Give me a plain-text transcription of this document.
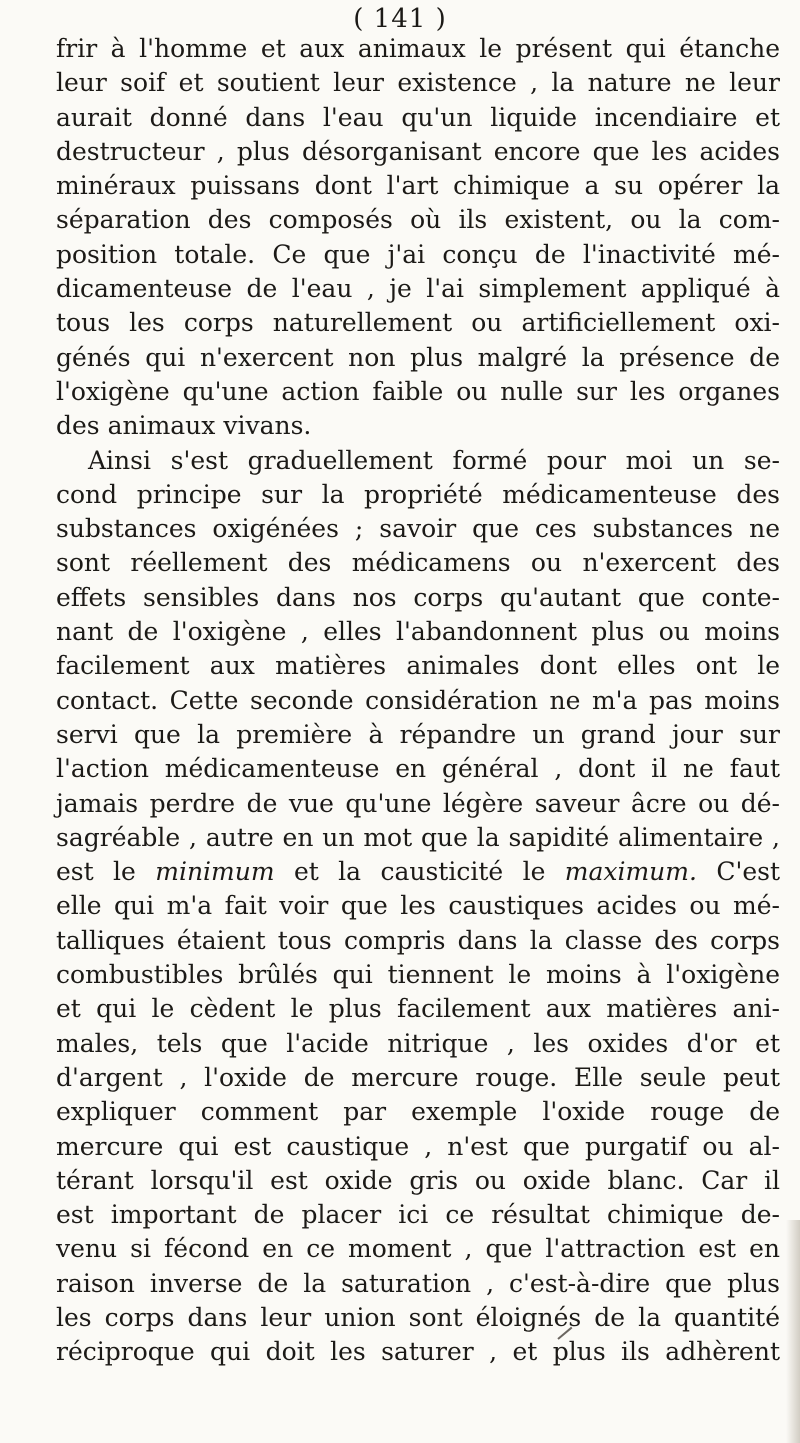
( 141 )
frir à l'homme et aux animaux le présent qui étanche
leur soif et soutient leur existence , la nature ne leur
aurait donné dans l'eau qu'un liquide incendiaire et
destructeur , plus désorganisant encore que les acides
minéraux puissans dont l'art chimique a su opérer la
séparation des composés où ils existent, ou la com-
position totale. Ce que j'ai conçu de l'inactivité mé-
dicamenteuse de l'eau , je l'ai simplement appliqué à
tous les corps naturellement ou artificiellement oxi-
génés qui n'exercent non plus malgré la présence de
l'oxigène qu'une action faible ou nulle sur les organes
des animaux vivans.
Ainsi s'est graduellement formé pour moi un se-
cond principe sur la propriété médicamenteuse des
substances oxigénées ; savoir que ces substances ne
sont réellement des médicamens ou n'exercent des
effets sensibles dans nos corps qu'autant que conte-
nant de l'oxigène , elles l'abandonnent plus ou moins
facilement aux matières animales dont elles ont le
contact. Cette seconde considération ne m'a pas moins
servi que la première à répandre un grand jour sur
l'action médicamenteuse en général , dont il ne faut
jamais perdre de vue qu'une légère saveur âcre ou dé-
sagréable , autre en un mot que la sapidité alimentaire ,
est le minimum et la causticité le maximum. C'est
elle qui m'a fait voir que les caustiques acides ou mé-
talliques étaient tous compris dans la classe des corps
combustibles brûlés qui tiennent le moins à l'oxigène
et qui le cèdent le plus facilement aux matières ani-
males, tels que l'acide nitrique , les oxides d'or et
d'argent , l'oxide de mercure rouge. Elle seule peut
expliquer comment par exemple l'oxide rouge de
mercure qui est caustique , n'est que purgatif ou al-
térant lorsqu'il est oxide gris ou oxide blanc. Car il
est important de placer ici ce résultat chimique de-
venu si fécond en ce moment , que l'attraction est en
raison inverse de la saturation , c'est-à-dire que plus
les corps dans leur union sont éloignés de la quantité
réciproque qui doit les saturer , et plus ils adhèrent
